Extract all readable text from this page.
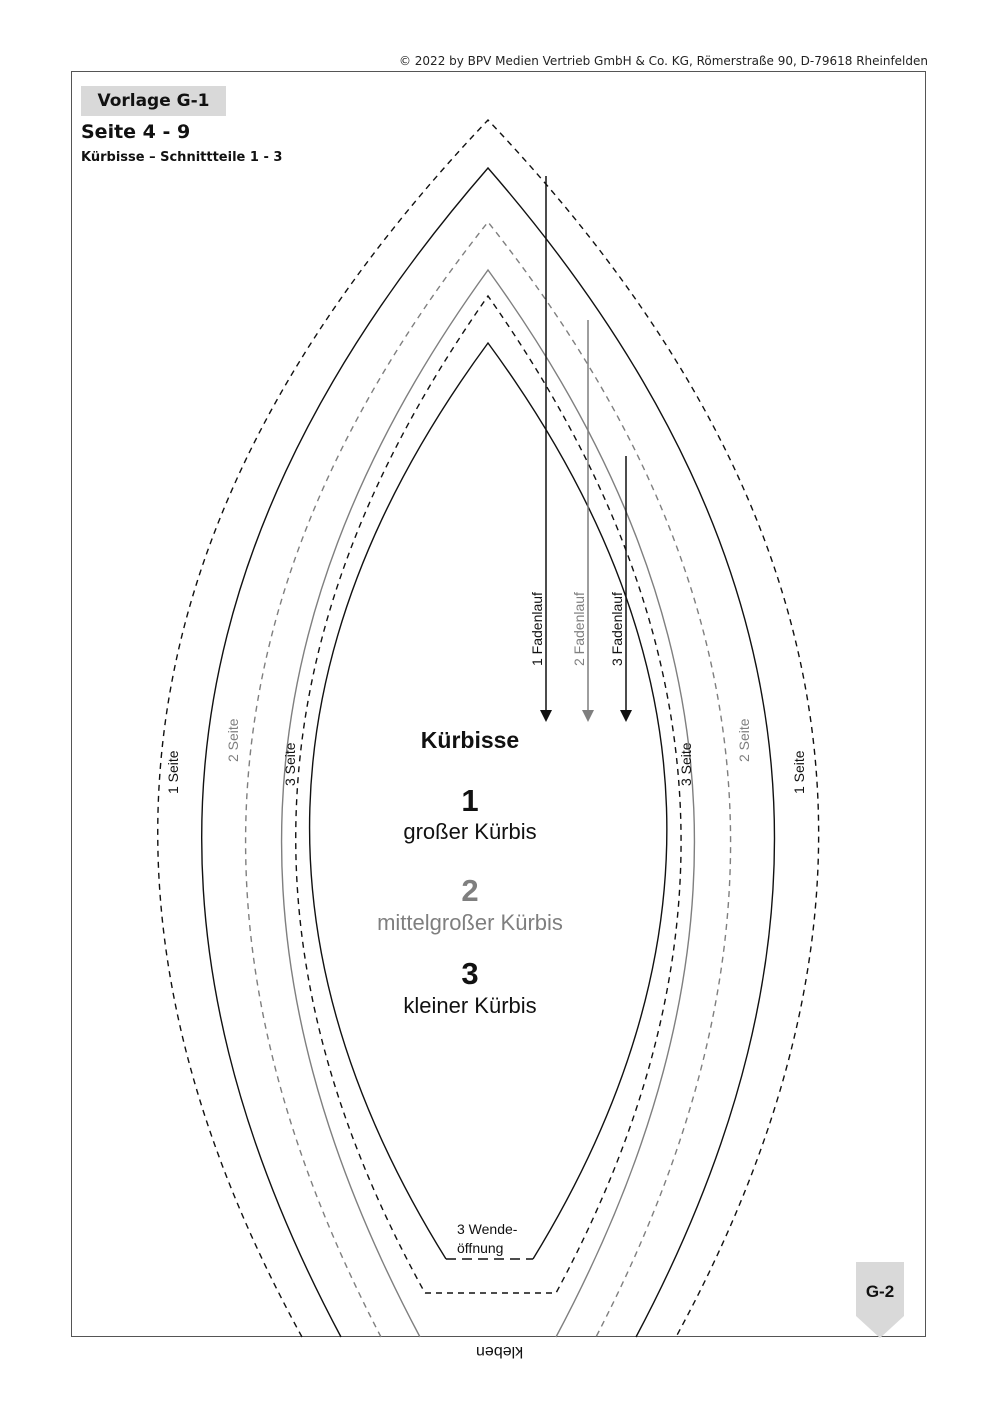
© 2022 by BPV Medien Vertrieb GmbH & Co. KG, Römerstraße 90, D-79618 Rheinfelden
Vorlage G-1
Seite 4 - 9
Kürbisse – Schnittteile 1 - 3
1 Fadenlauf 2 Fadenlauf 3 Fadenlauf
1 Seite
2 Seite
3 Seite	3 Seite
2 Seite
1 Seite
3 Wende-
öffnung
G-2
Kürbisse
1
großer Kürbis
2
mittelgroßer Kürbis
3
kleiner Kürbis
kleben
